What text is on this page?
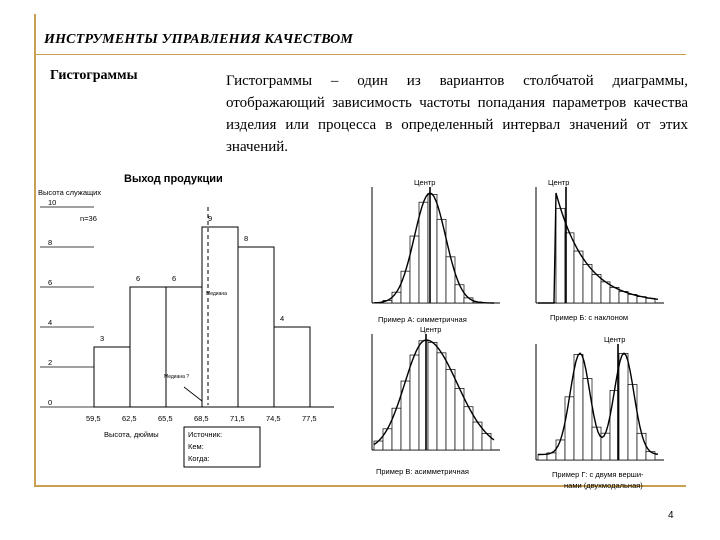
ИНСТРУМЕНТЫ УПРАВЛЕНИЯ КАЧЕСТВОМ
Гистограммы	Гистограммы – один из вариантов столбчатой диаграммы, отображающий зависимость частоты попадания параметров качества изделия или процесса в определенный интервал значений от этих значений.
Выход продукции
Высота служащих
n=36
0
2
4
6
8
10
3
6	6
9
8
4
59,5	62,5	65,5	68,5	71,5	74,5	77,5
Медиана
Медиана ?
Высота, дюймы	Источник:
Кем:
Когда:
Центр
Пример А: симметричная
Центр
Пример Б: с наклоном
Центр
Пример В: асимметричная
Центр
Пример Г: с двумя верши-
нами (двухмодальная)
4
